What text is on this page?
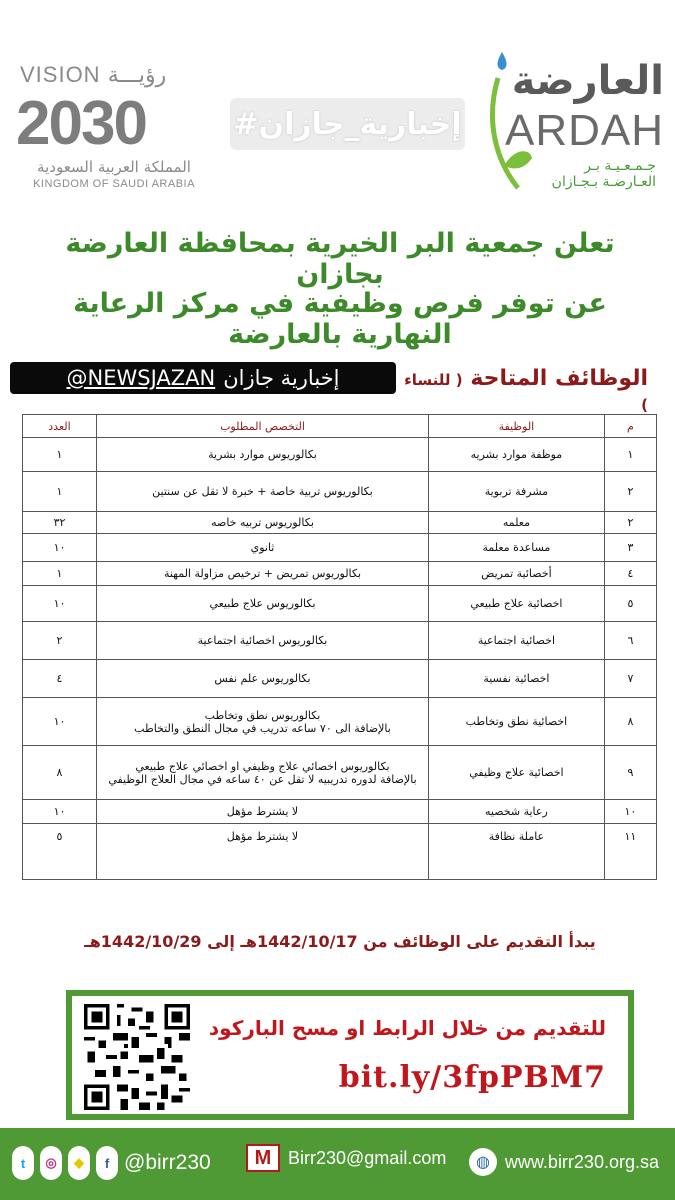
VISION رؤيـــة
2030
المملكة العربية السعودية
KINGDOM OF SAUDI ARABIA
#إخبارية_جازان
العارضة
ARDAH
جـمـعـيـة بـر
العـارضـة بـجـازان
تعلن جمعية البر الخيرية بمحافظة العارضة بجازان
عن توفر فرص وظيفية في مركز الرعاية النهارية بالعارضة
@NEWSJAZAN إخبارية جازان	الوظائف المتاحة ( للنساء )
م	الوظيفة	التخصص المطلوب	العدد
١	موظفة موارد بشريه	بكالوريوس موارد بشرية	١
٢	مشرفة تربوية	بكالوريوس تربية خاصة + خبرة لا تقل عن سنتين	١
٢	معلمه	بكالوريوس تربيه خاصه	٣٢
٣	مساعدة معلمة	ثانوي	١٠
٤	أخصائية تمريض	بكالوريوس تمريض + ترخيص مزاولة المهنة	١
٥	اخصائية علاج طبيعي	بكالوريوس علاج طبيعي	١٠
٦	اخصائية اجتماعية	بكالوريوس اخصائية اجتماعية	٢
٧	اخصائية نفسية	بكالوريوس علم نفس	٤
٨	اخصائية نطق وتخاطب	بكالوريوس نطق وتخاطب
بالإضافة الى ٧٠ ساعه تدريب في مجال النطق والتخاطب	١٠
٩	اخصائية علاج وظيفي	بكالوريوس اخصائي علاج وظيفي او اخصائي علاج طبيعي
بالإضافة لدوره تدريبيه لا تقل عن ٤٠ ساعه في مجال العلاج الوظيفي	٨
١٠	رعاية شخصيه	لا يشترط مؤهل	١٠
١١	عاملة نظافة	لا يشترط مؤهل	٥
يبدأ التقديم على الوظائف من 1442/10/17هـ إلى 1442/10/29هـ
للتقديم من خلال الرابط او مسح الباركود
bit.ly/3fpPBM7
t	◎	◆	f @birr230	M Birr230@gmail.com	◍ www.birr230.org.sa
